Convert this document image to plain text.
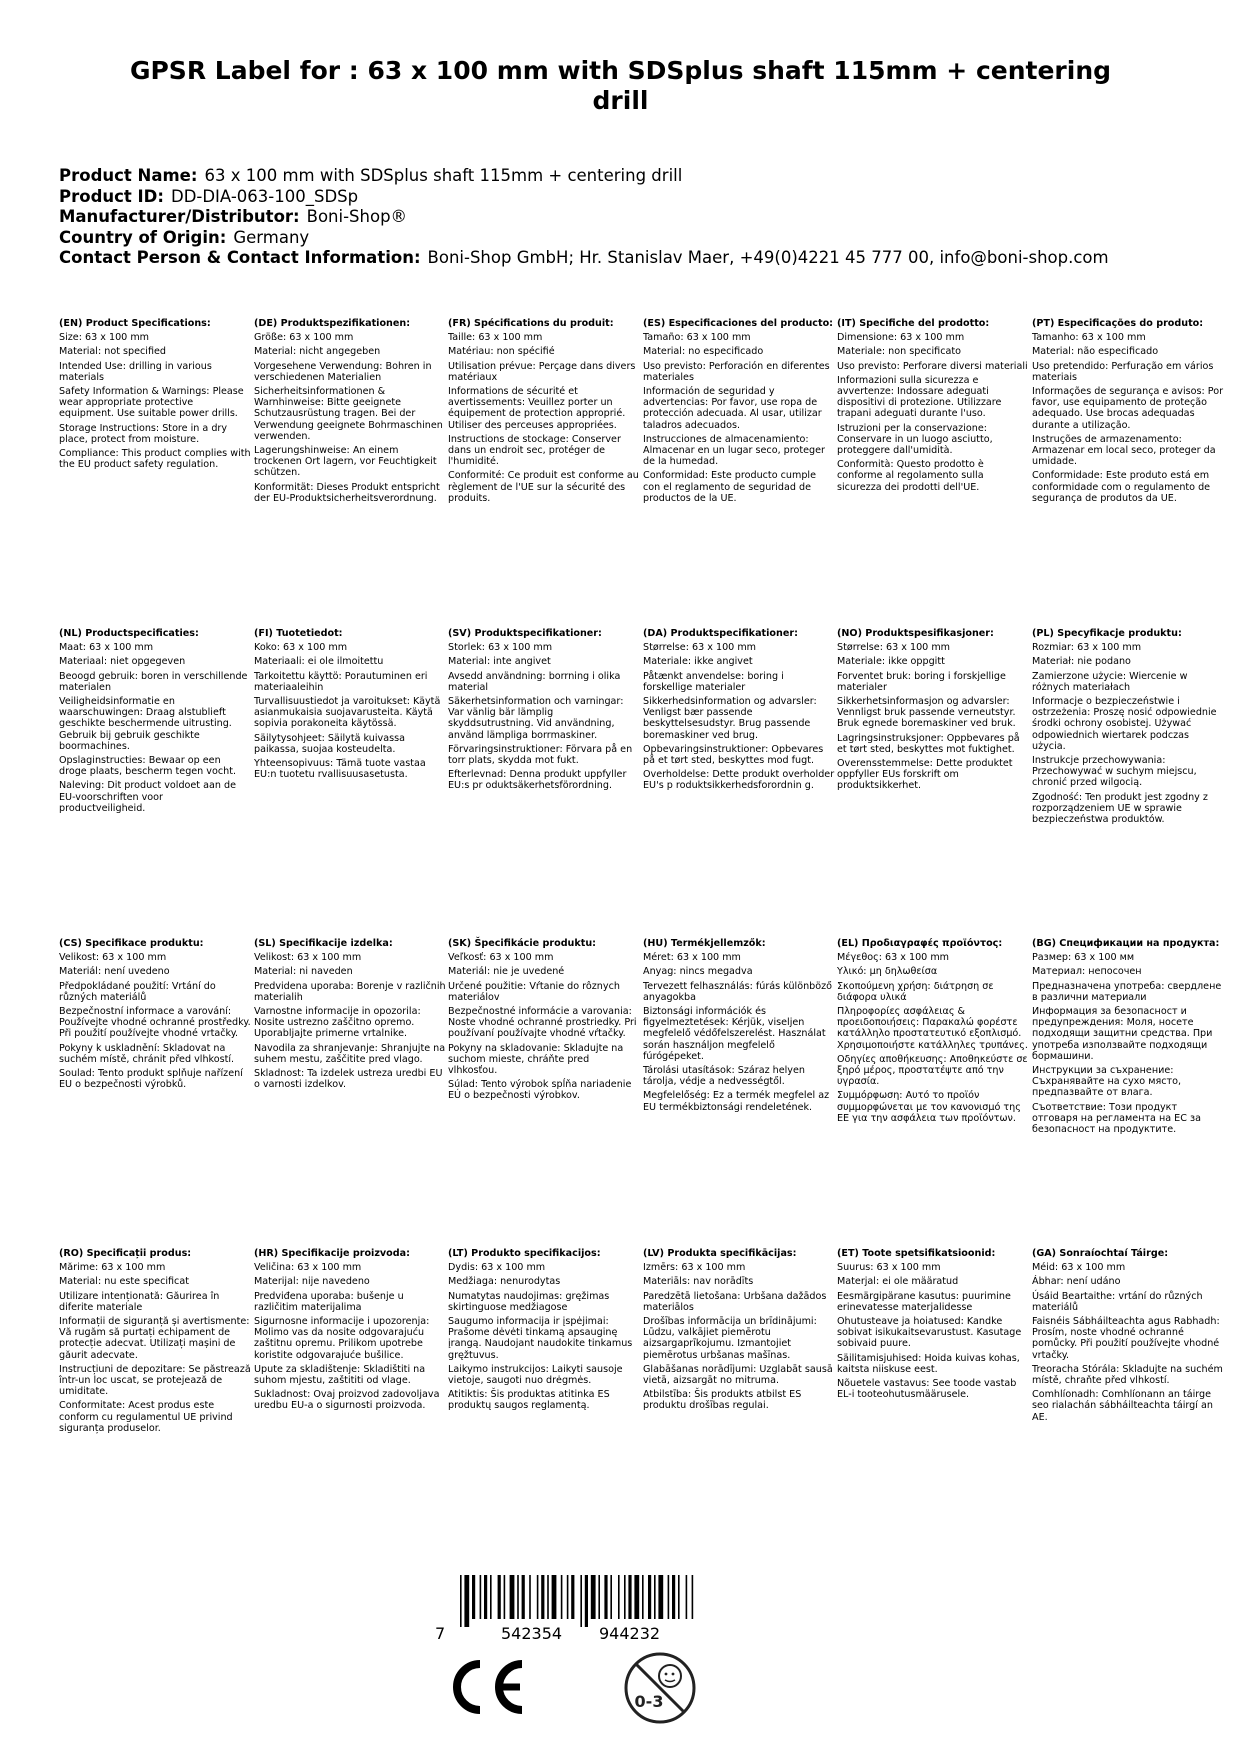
GPSR Label for : 63 x 100 mm with SDSplus shaft 115mm + centering drill
Product Name: 63 x 100 mm with SDSplus shaft 115mm + centering drill
Product ID: DD-DIA-063-100_SDSp
Manufacturer/Distributor: Boni-Shop®
Country of Origin: Germany
Contact Person & Contact Information: Boni-Shop GmbH; Hr. Stanislav Maer, +49(0)4221 45 777 00, info@boni-shop.com
(EN) Product Specifications:
Size: 63 x 100 mm
Material: not specified
Intended Use: drilling in various materials
Safety Information & Warnings: Please wear appropriate protective equipment. Use suitable power drills.
Storage Instructions: Store in a dry place, protect from moisture.
Compliance: This product complies with the EU product safety regulation.
(DE) Produktspezifikationen:
Größe: 63 x 100 mm
Material: nicht angegeben
Vorgesehene Verwendung: Bohren in verschiedenen Materialien
Sicherheitsinformationen & Warnhinweise: Bitte geeignete Schutzausrüstung tragen. Bei der Verwendung geeignete Bohrmaschinen verwenden.
Lagerungshinweise: An einem trockenen Ort lagern, vor Feuchtigkeit schützen.
Konformität: Dieses Produkt entspricht der EU-Produktsicherheitsverordnung.
(FR) Spécifications du produit:
Taille: 63 x 100 mm
Matériau: non spécifié
Utilisation prévue: Perçage dans divers matériaux
Informations de sécurité et avertissements: Veuillez porter un équipement de protection approprié. Utiliser des perceuses appropriées.
Instructions de stockage: Conserver dans un endroit sec, protéger de l'humidité.
Conformité: Ce produit est conforme au règlement de l'UE sur la sécurité des produits.
(ES) Especificaciones del producto:
Tamaño: 63 x 100 mm
Material: no especificado
Uso previsto: Perforación en diferentes materiales
Información de seguridad y advertencias: Por favor, use ropa de protección adecuada. Al usar, utilizar taladros adecuados.
Instrucciones de almacenamiento: Almacenar en un lugar seco, proteger de la humedad.
Conformidad: Este producto cumple con el reglamento de seguridad de productos de la UE.
(IT) Specifiche del prodotto:
Dimensione: 63 x 100 mm
Materiale: non specificato
Uso previsto: Perforare diversi materiali
Informazioni sulla sicurezza e avvertenze: Indossare adeguati dispositivi di protezione. Utilizzare trapani adeguati durante l'uso.
Istruzioni per la conservazione: Conservare in un luogo asciutto, proteggere dall'umidità.
Conformità: Questo prodotto è conforme al regolamento sulla sicurezza dei prodotti dell'UE.
(PT) Especificações do produto:
Tamanho: 63 x 100 mm
Material: não especificado
Uso pretendido: Perfuração em vários materiais
Informações de segurança e avisos: Por favor, use equipamento de proteção adequado. Use brocas adequadas durante a utilização.
Instruções de armazenamento: Armazenar em local seco, proteger da umidade.
Conformidade: Este produto está em conformidade com o regulamento de segurança de produtos da UE.
(NL) Productspecificaties:
Maat: 63 x 100 mm
Materiaal: niet opgegeven
Beoogd gebruik: boren in verschillende materialen
Veiligheidsinformatie en waarschuwingen: Draag alstublieft geschikte beschermende uitrusting. Gebruik bij gebruik geschikte boormachines.
Opslaginstructies: Bewaar op een droge plaats, bescherm tegen vocht.
Naleving: Dit product voldoet aan de EU-voorschriften voor productveiligheid.
(FI) Tuotetiedot:
Koko: 63 x 100 mm
Materiaali: ei ole ilmoitettu
Tarkoitettu käyttö: Porautuminen eri materiaaleihin
Turvallisuustiedot ja varoitukset: Käytä asianmukaisia suojavarusteita. Käytä sopivia porakoneita käytössä.
Säilytysohjeet: Säilytä kuivassa paikassa, suojaa kosteudelta.
Yhteensopivuus: Tämä tuote vastaa EU:n tuotetu rvallisuusasetusta.
(SV) Produktspecifikationer:
Storlek: 63 x 100 mm
Material: inte angivet
Avsedd användning: borrning i olika material
Säkerhetsinformation och varningar: Var vänlig bär lämplig skyddsutrustning. Vid användning, använd lämpliga borrmaskiner.
Förvaringsinstruktioner: Förvara på en torr plats, skydda mot fukt.
Efterlevnad: Denna produkt uppfyller EU:s pr oduktsäkerhetsförordning.
(DA) Produktspecifikationer:
Størrelse: 63 x 100 mm
Materiale: ikke angivet
Påtænkt anvendelse: boring i forskellige materialer
Sikkerhedsinformation og advarsler: Venligst bær passende beskyttelsesudstyr. Brug passende boremaskiner ved brug.
Opbevaringsinstruktioner: Opbevares på et tørt sted, beskyttes mod fugt.
Overholdelse: Dette produkt overholder EU's p roduktsikkerhedsforordnin g.
(NO) Produktspesifikasjoner:
Størrelse: 63 x 100 mm
Materiale: ikke oppgitt
Forventet bruk: boring i forskjellige materialer
Sikkerhetsinformasjon og advarsler: Vennligst bruk passende verneutstyr. Bruk egnede boremaskiner ved bruk.
Lagringsinstruksjoner: Oppbevares på et tørt sted, beskyttes mot fuktighet.
Overensstemmelse: Dette produktet oppfyller EUs forskrift om produktsikkerhet.
(PL) Specyfikacje produktu:
Rozmiar: 63 x 100 mm
Materiał: nie podano
Zamierzone użycie: Wiercenie w różnych materiałach
Informacje o bezpieczeństwie i ostrzeżenia: Proszę nosić odpowiednie środki ochrony osobistej. Używać odpowiednich wiertarek podczas użycia.
Instrukcje przechowywania: Przechowywać w suchym miejscu, chronić przed wilgocią.
Zgodność: Ten produkt jest zgodny z rozporządzeniem UE w sprawie bezpieczeństwa produktów.
(CS) Specifikace produktu:
Velikost: 63 x 100 mm
Materiál: není uvedeno
Předpokládané použití: Vrtání do různých materiálů
Bezpečnostní informace a varování: Používejte vhodné ochranné prostředky. Při použití používejte vhodné vrtačky.
Pokyny k uskladnění: Skladovat na suchém místě, chránit před vlhkostí.
Soulad: Tento produkt splňuje nařízení EU o bezpečnosti výrobků.
(SL) Specifikacije izdelka:
Velikost: 63 x 100 mm
Material: ni naveden
Predvidena uporaba: Borenje v različnih materialih
Varnostne informacije in opozorila: Nosite ustrezno zaščitno opremo. Uporabljajte primerne vrtalnike.
Navodila za shranjevanje: Shranjujte na suhem mestu, zaščitite pred vlago.
Skladnost: Ta izdelek ustreza uredbi EU o varnosti izdelkov.
(SK) Špecifikácie produktu:
Veľkosť: 63 x 100 mm
Materiál: nie je uvedené
Určené použitie: Vŕtanie do rôznych materiálov
Bezpečnostné informácie a varovania: Noste vhodné ochranné prostriedky. Pri používaní používajte vhodné vŕtačky.
Pokyny na skladovanie: Skladujte na suchom mieste, chráňte pred vlhkosťou.
Súlad: Tento výrobok spĺňa nariadenie EÚ o bezpečnosti výrobkov.
(HU) Termékjellemzők:
Méret: 63 x 100 mm
Anyag: nincs megadva
Tervezett felhasználás: fúrás különböző anyagokba
Biztonsági információk és figyelmeztetések: Kérjük, viseljen megfelelő védőfelszerelést. Használat során használjon megfelelő fúrógépeket.
Tárolási utasítások: Száraz helyen tárolja, védje a nedvességtől.
Megfelelőség: Ez a termék megfelel az EU termékbiztonsági rendeletének.
(EL) Προδιαγραφές προϊόντος:
Μέγεθος: 63 x 100 mm
Υλικό: μη δηλωθείσα
Σκοπούμενη χρήση: διάτρηση σε διάφορα υλικά
Πληροφορίες ασφάλειας & προειδοποιήσεις: Παρακαλώ φορέστε κατάλληλο προστατευτικό εξοπλισμό. Χρησιμοποιήστε κατάλληλες τρυπάνες.
Οδηγίες αποθήκευσης: Αποθηκεύστε σε ξηρό μέρος, προστατέψτε από την υγρασία.
Συμμόρφωση: Αυτό το προϊόν συμμορφώνεται με τον κανονισμό της ΕΕ για την ασφάλεια των προϊόντων.
(BG) Спецификации на продукта:
Размер: 63 x 100 мм
Материал: непосочен
Предназначена употреба: свердлене в различни материали
Информация за безопасност и предупреждения: Моля, носете подходящи защитни средства. При употреба използвайте подходящи бормашини.
Инструкции за съхранение: Съхранявайте на сухо място, предпазвайте от влага.
Съответствие: Този продукт отговаря на регламента на ЕС за безопасност на продуктите.
(RO) Specificații produs:
Mărime: 63 x 100 mm
Material: nu este specificat
Utilizare intenționată: Găurirea în diferite materiale
Informații de siguranță și avertismente: Vă rugăm să purtați echipament de protecție adecvat. Utilizați mașini de găurit adecvate.
Instrucțiuni de depozitare: Se păstrează într-un loc uscat, se protejează de umiditate.
Conformitate: Acest produs este conform cu regulamentul UE privind siguranța produselor.
(HR) Specifikacije proizvoda:
Veličina: 63 x 100 mm
Materijal: nije navedeno
Predviđena uporaba: bušenje u različitim materijalima
Sigurnosne informacije i upozorenja: Molimo vas da nosite odgovarajuću zaštitnu opremu. Prilikom upotrebe koristite odgovarajuće bušilice.
Upute za skladištenje: Skladištiti na suhom mjestu, zaštititi od vlage.
Sukladnost: Ovaj proizvod zadovoljava uredbu EU-a o sigurnosti proizvoda.
(LT) Produkto specifikacijos:
Dydis: 63 x 100 mm
Medžiaga: nenurodytas
Numatytas naudojimas: gręžimas skirtinguose medžiagose
Saugumo informacija ir įspėjimai: Prašome dėvėti tinkamą apsauginę įrangą. Naudojant naudokite tinkamus gręžtuvus.
Laikymo instrukcijos: Laikyti sausoje vietoje, saugoti nuo drėgmės.
Atitiktis: Šis produktas atitinka ES produktų saugos reglamentą.
(LV) Produkta specifikācijas:
Izmērs: 63 x 100 mm
Materiāls: nav norādīts
Paredzētā lietošana: Urbšana dažādos materiālos
Drošības informācija un brīdinājumi: Lūdzu, valkājiet piemērotu aizsargaprīkojumu. Izmantojiet piemērotus urbšanas mašīnas.
Glabāšanas norādījumi: Uzglabāt sausā vietā, aizsargāt no mitruma.
Atbilstība: Šis produkts atbilst ES produktu drošības regulai.
(ET) Toote spetsifikatsioonid:
Suurus: 63 x 100 mm
Materjal: ei ole määratud
Eesmärgipärane kasutus: puurimine erinevatesse materjalidesse
Ohutusteave ja hoiatused: Kandke sobivat isikukaitsevarustust. Kasutage sobivaid puure.
Säilitamisjuhised: Hoida kuivas kohas, kaitsta niiskuse eest.
Nõuetele vastavus: See toode vastab EL-i tooteohutusmäärusele.
(GA) Sonraíochtaí Táirge:
Méid: 63 x 100 mm
Ábhar: není udáno
Úsáid Beartaithe: vrtání do různých materiálů
Faisnéis Sábháilteachta agus Rabhadh: Prosím, noste vhodné ochranné pomůcky. Při použití používejte vhodné vrtačky.
Treoracha Stórála: Skladujte na suchém místě, chraňte před vlhkostí.
Comhlíonadh: Comhlíonann an táirge seo rialachán sábháilteachta táirgí an AE.
7	542354 944232
0-3
